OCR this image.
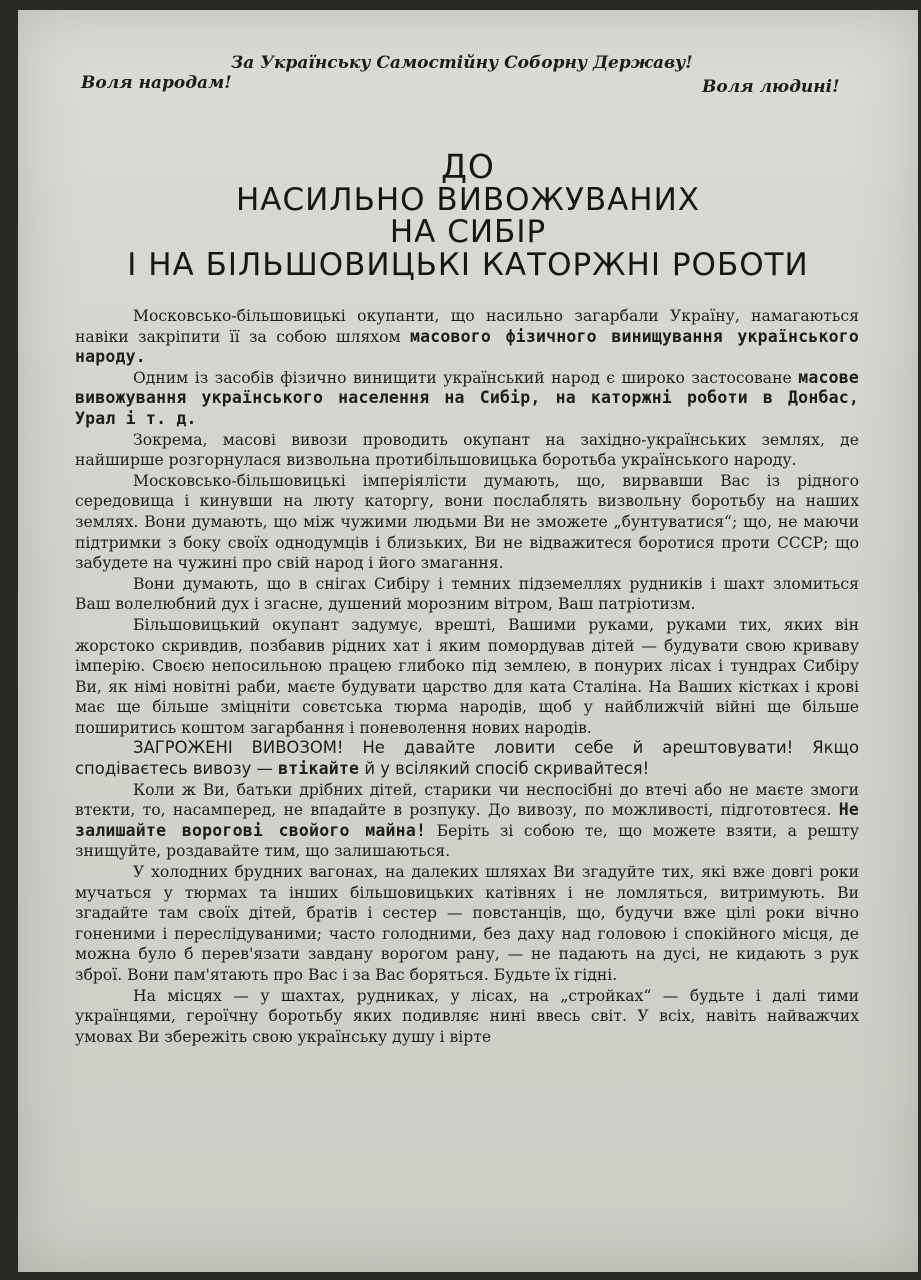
За Українську Самостійну Соборну Державу!
Воля народам!	Воля людині!
ДО
НАСИЛЬНО ВИВОЖУВАНИХ
НА СИБІР
І НА БІЛЬШОВИЦЬКІ КАТОРЖНІ РОБОТИ

Московсько-більшовицькі окупанти, що насильно загарбали Україну, намагаються навіки закріпити її за собою шляхом масового фізичного винищування українського народу.

Одним із засобів фізично винищити український народ є широко застосоване масове вивожування українського населення на Сибір, на каторжні роботи в Донбас, Урал і т. д.

Зокрема, масові вивози проводить окупант на західно-українських землях, де найширше розгорнулася визвольна протибільшовицька боротьба українського народу.

Московсько-більшовицькі імперіялісти думають, що, вирвавши Вас із рідного середовища і кинувши на люту каторгу, вони послаблять визвольну боротьбу на наших землях. Вони думають, що між чужими людьми Ви не зможете „бунтуватися“; що, не маючи підтримки з боку своїх однодумців і близьких, Ви не відважитеся боротися проти СССР; що забудете на чужині про свій народ і його змагання.

Вони думають, що в снігах Сибіру і темних підземеллях рудників і шахт зломиться Ваш волелюбний дух і згасне, душений морозним вітром, Ваш патріотизм.

Більшовицький окупант задумує, врешті, Вашими руками, руками тих, яких він жорстоко скривдив, позбавив рідних хат і яким помордував дітей — будувати свою криваву імперію. Своєю непосильною працею глибоко під землею, в понурих лісах і тундрах Сибіру Ви, як німі новітні раби, маєте будувати царство для ката Сталіна. На Ваших кістках і крові має ще більше зміцніти совєтська тюрма народів, щоб у найближчій війні ще більше поширитись коштом загарбання і поневолення нових народів.

ЗАГРОЖЕНІ ВИВОЗОМ! Не давайте ловити себе й арештовувати! Якщо сподіваєтесь вивозу — втікайте й у всілякий спосіб скривайтеся!

Коли ж Ви, батьки дрібних дітей, старики чи неспосібні до втечі або не маєте змоги втекти, то, насамперед, не впадайте в розпуку. До вивозу, по можливості, підготовтеся. Не залишайте ворогові свойого майна! Беріть зі собою те, що можете взяти, а решту знищуйте, роздавайте тим, що залишаються.

У холодних брудних вагонах, на далеких шляхах Ви згадуйте тих, які вже довгі роки мучаться у тюрмах та інших більшовицьких катівнях і не ломляться, витримують. Ви згадайте там своїх дітей, братів і сестер — повстанців, що, будучи вже цілі роки вічно гоненими і переслідуваними; часто голодними, без даху над головою і спокійного місця, де можна було б перев'язати завдану ворогом рану, — не падають на дусі, не кидають з рук зброї. Вони пам'ятають про Вас і за Вас боряться. Будьте їх гідні.

На місцях — у шахтах, рудниках, у лісах, на „стройках“ — будьте і далі тими українцями, героїчну боротьбу яких подивляє нині ввесь світ. У всіх, навіть найважчих умовах Ви збережіть свою українську душу і вірте
